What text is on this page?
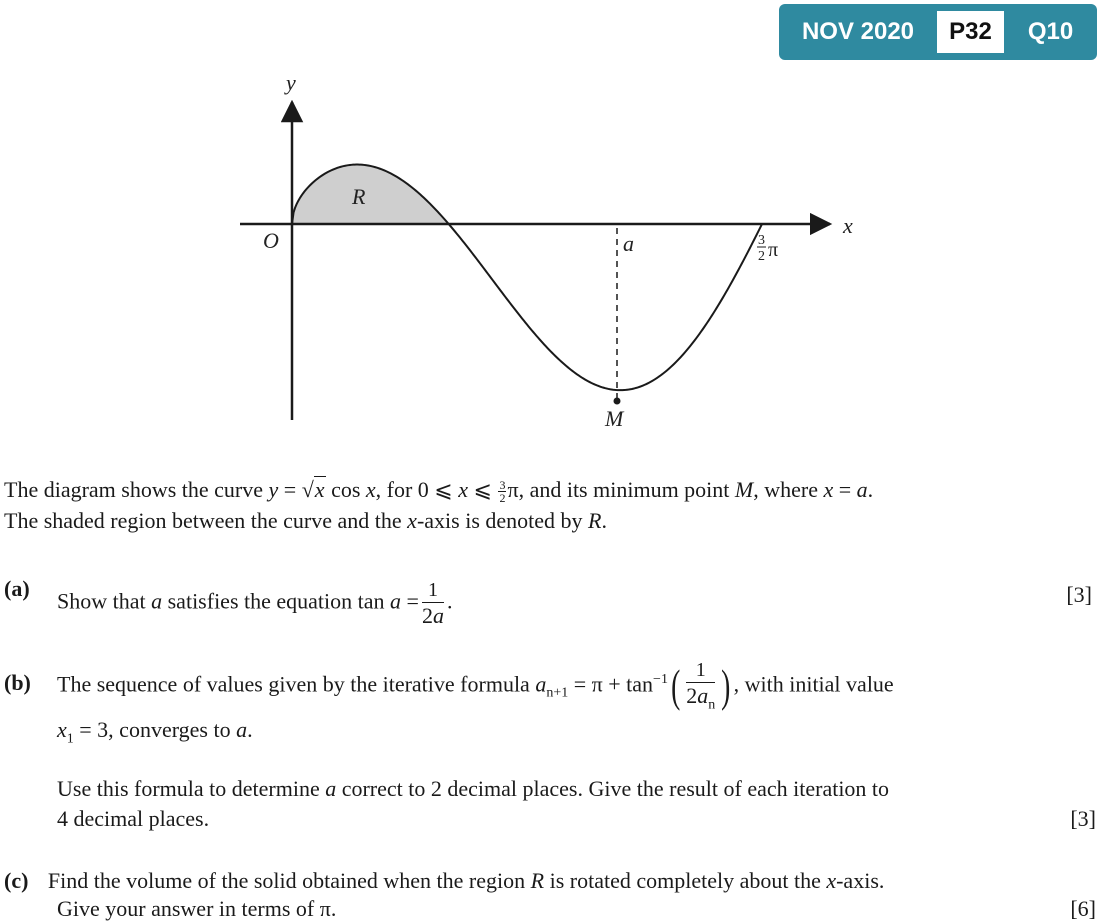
NOV 2020	P32	Q10
y
x
O
R
a
M
3
2 π
The diagram shows the curve y = √x cos x, for 0 ⩽ x ⩽ $\frac{3}{2} \pi$, and its minimum point M, where x = a.
The shaded region between the curve and the x-axis is denoted by R.
(a)
Show that a satisfies the equation $\tan a = \frac{1}{2a}$ .	[3]
(b) The sequence of values given by the iterative formula $a_{n+1} = \pi + \tan^{-1}( \frac{1}{2a_n}$ ) , with initial value
$x_1 = 3$, converges to a.
Use this formula to determine a correct to 2 decimal places. Give the result of each iteration to
4 decimal places.	[3]
(c) Find the volume of the solid obtained when the region R is rotated completely about the x-axis.
Give your answer in terms of π.	[6]
